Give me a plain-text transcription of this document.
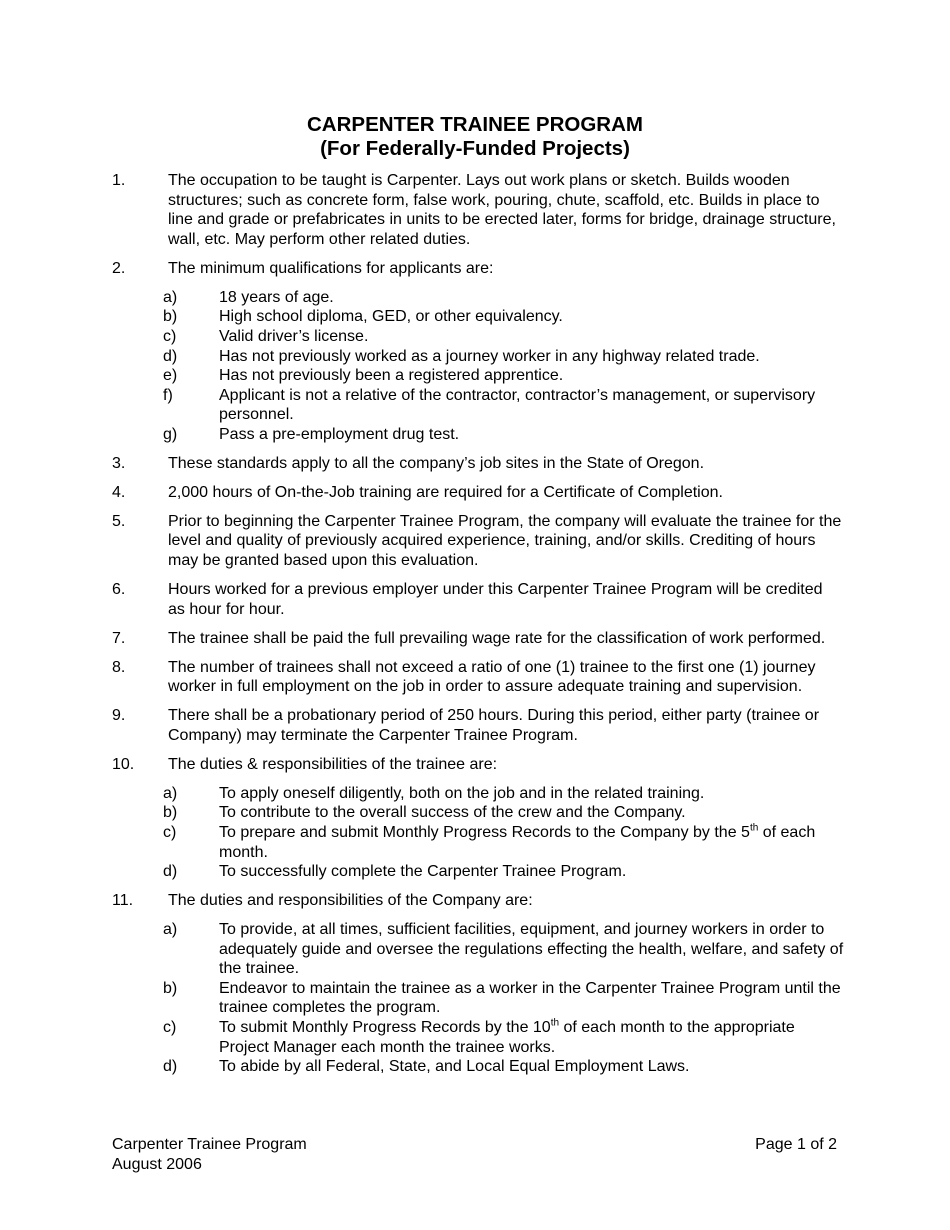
CARPENTER TRAINEE PROGRAM
(For Federally-Funded Projects)
1.	The occupation to be taught is Carpenter. Lays out work plans or sketch. Builds wooden structures; such as concrete form, false work, pouring, chute, scaffold, etc. Builds in place to line and grade or prefabricates in units to be erected later, forms for bridge, drainage structure, wall, etc. May perform other related duties.
2.	The minimum qualifications for applicants are:
a)	18 years of age.
b)	High school diploma, GED, or other equivalency.
c)	Valid driver’s license.
d)	Has not previously worked as a journey worker in any highway related trade.
e)	Has not previously been a registered apprentice.
f)	Applicant is not a relative of the contractor, contractor’s management, or supervisory personnel.
g)	Pass a pre-employment drug test.
3.	These standards apply to all the company’s job sites in the State of Oregon.
4.	2,000 hours of On-the-Job training are required for a Certificate of Completion.
5.	Prior to beginning the Carpenter Trainee Program, the company will evaluate the trainee for the level and quality of previously acquired experience, training, and/or skills. Crediting of hours may be granted based upon this evaluation.
6.	Hours worked for a previous employer under this Carpenter Trainee Program will be credited as hour for hour.
7.	The trainee shall be paid the full prevailing wage rate for the classification of work performed.
8.	The number of trainees shall not exceed a ratio of one (1) trainee to the first one (1) journey worker in full employment on the job in order to assure adequate training and supervision.
9.	There shall be a probationary period of 250 hours. During this period, either party (trainee or Company) may terminate the Carpenter Trainee Program.
10. The duties & responsibilities of the trainee are:
a)	To apply oneself diligently, both on the job and in the related training.
b)	To contribute to the overall success of the crew and the Company.
c)	To prepare and submit Monthly Progress Records to the Company by the 5th of each month.
d)	To successfully complete the Carpenter Trainee Program.
11. The duties and responsibilities of the Company are:
a)	To provide, at all times, sufficient facilities, equipment, and journey workers in order to adequately guide and oversee the regulations effecting the health, welfare, and safety of the trainee.
b)	Endeavor to maintain the trainee as a worker in the Carpenter Trainee Program until the trainee completes the program.
c)	To submit Monthly Progress Records by the 10th of each month to the appropriate Project Manager each month the trainee works.
d)	To abide by all Federal, State, and Local Equal Employment Laws.
Carpenter Trainee Program
August 2006
Page 1 of 2
